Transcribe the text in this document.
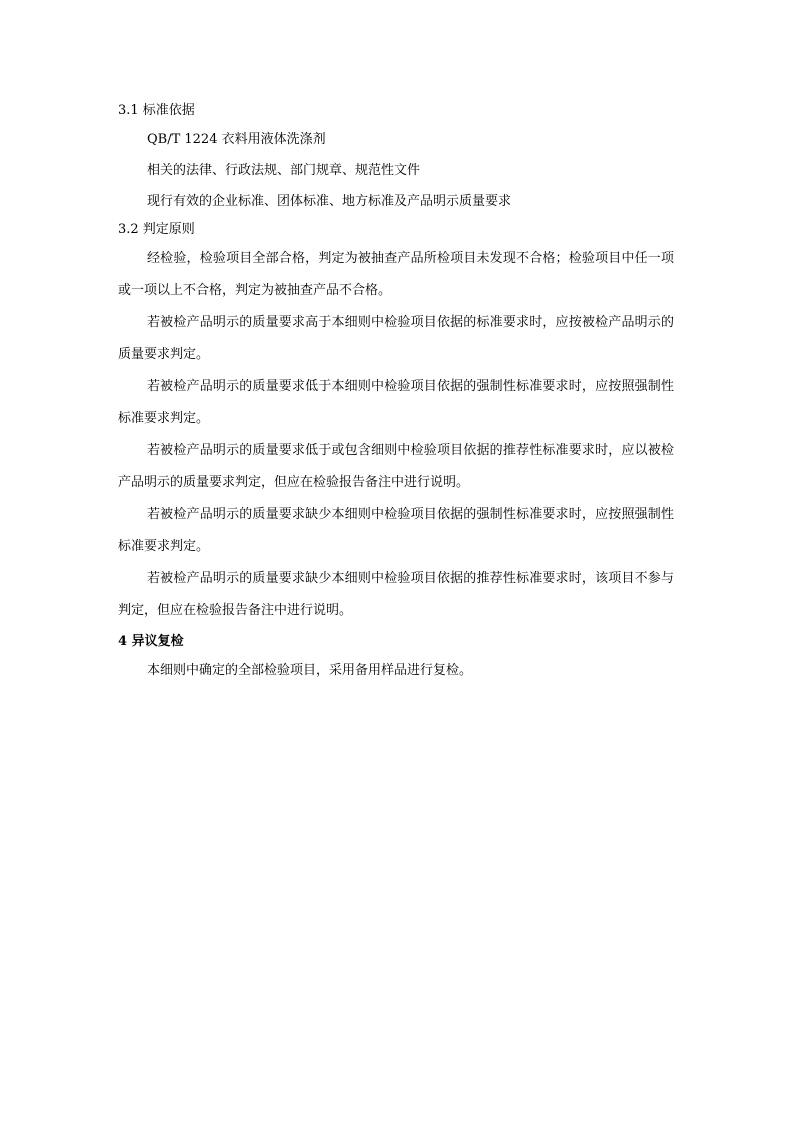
3.1 标准依据
QB/T 1224 衣料用液体洗涤剂
相关的法律、行政法规、部门规章、规范性文件
现行有效的企业标准、团体标准、地方标准及产品明示质量要求
3.2 判定原则
经检验，检验项目全部合格，判定为被抽查产品所检项目未发现不合格；检验项目中任一项或一项以上不合格，判定为被抽查产品不合格。
若被检产品明示的质量要求高于本细则中检验项目依据的标准要求时，应按被检产品明示的质量要求判定。
若被检产品明示的质量要求低于本细则中检验项目依据的强制性标准要求时，应按照强制性标准要求判定。
若被检产品明示的质量要求低于或包含细则中检验项目依据的推荐性标准要求时，应以被检产品明示的质量要求判定，但应在检验报告备注中进行说明。
若被检产品明示的质量要求缺少本细则中检验项目依据的强制性标准要求时，应按照强制性标准要求判定。
若被检产品明示的质量要求缺少本细则中检验项目依据的推荐性标准要求时，该项目不参与判定，但应在检验报告备注中进行说明。
4 异议复检
本细则中确定的全部检验项目，采用备用样品进行复检。
